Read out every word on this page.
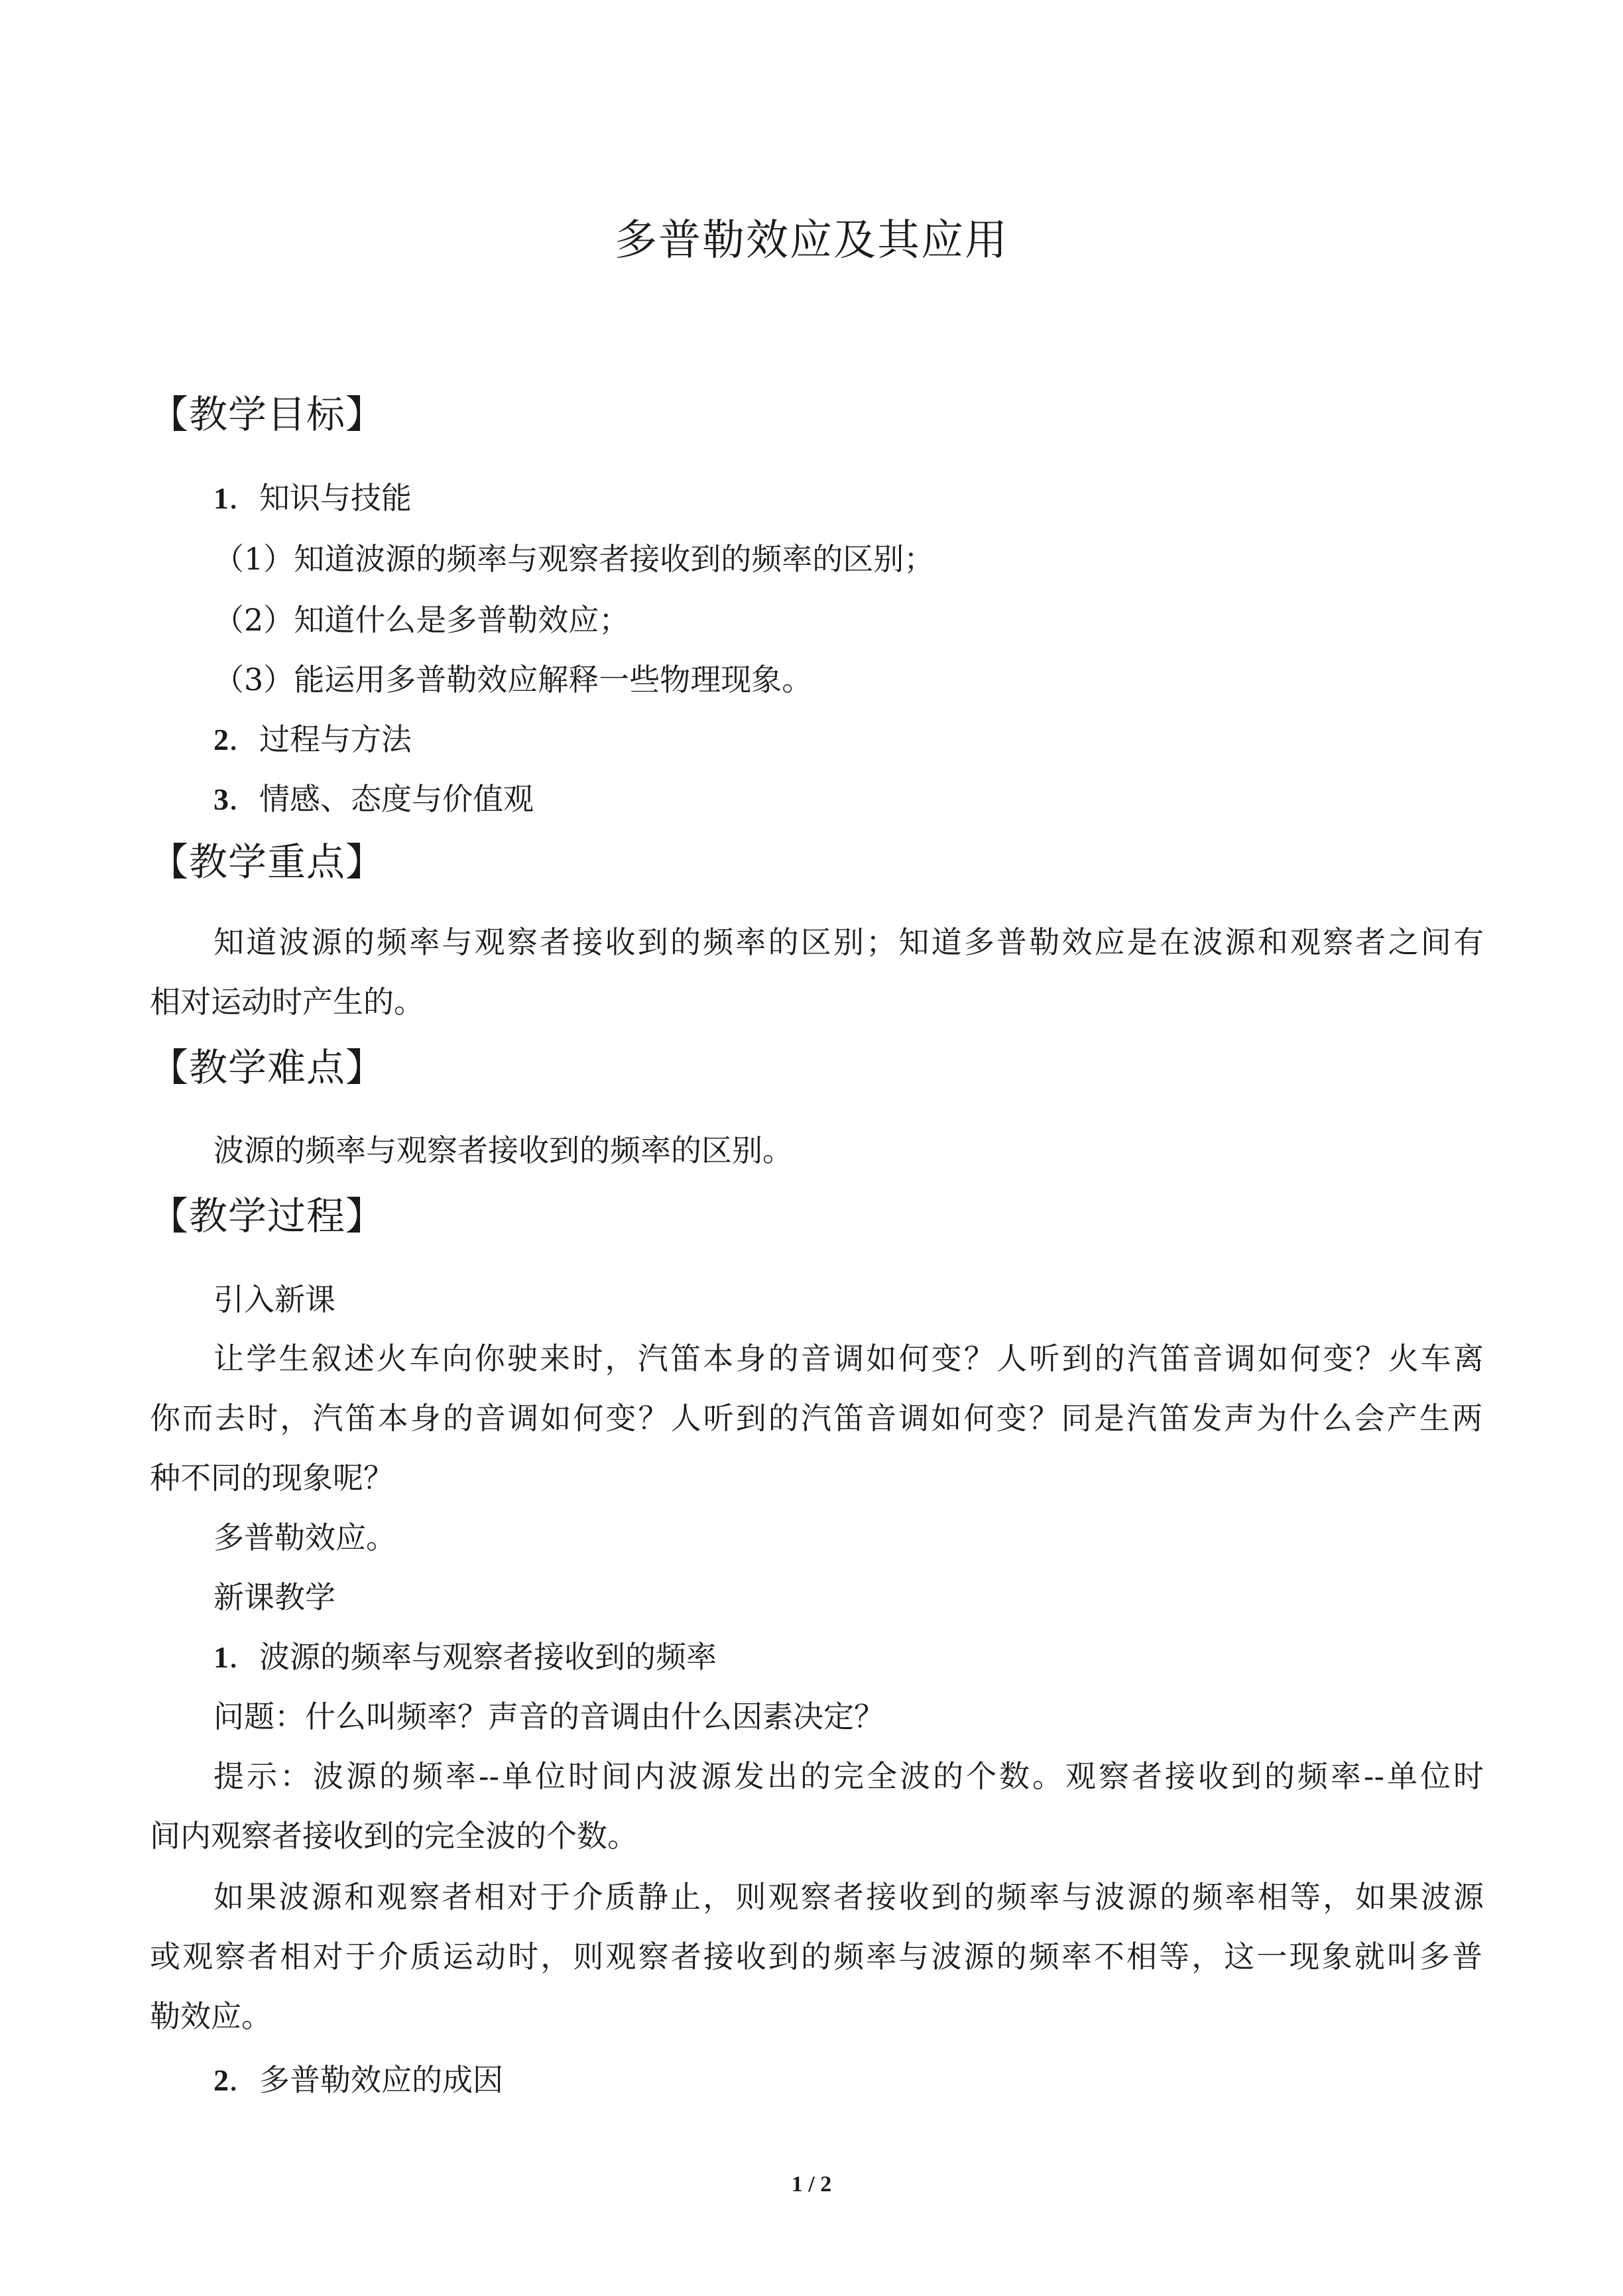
多普勒效应及其应用
【教学目标】
1．知识与技能
（1）知道波源的频率与观察者接收到的频率的区别；
（2）知道什么是多普勒效应；
（3）能运用多普勒效应解释一些物理现象。
2．过程与方法
3．情感、态度与价值观
【教学重点】
知道波源的频率与观察者接收到的频率的区别；知道多普勒效应是在波源和观察者之间有
相对运动时产生的。
【教学难点】
波源的频率与观察者接收到的频率的区别。
【教学过程】
引入新课
让学生叙述火车向你驶来时，汽笛本身的音调如何变？人听到的汽笛音调如何变？火车离
你而去时，汽笛本身的音调如何变？人听到的汽笛音调如何变？同是汽笛发声为什么会产生两
种不同的现象呢？
多普勒效应。
新课教学
1．波源的频率与观察者接收到的频率
问题：什么叫频率？声音的音调由什么因素决定？
提示：波源的频率--单位时间内波源发出的完全波的个数。观察者接收到的频率--单位时
间内观察者接收到的完全波的个数。
如果波源和观察者相对于介质静止，则观察者接收到的频率与波源的频率相等，如果波源
或观察者相对于介质运动时，则观察者接收到的频率与波源的频率不相等，这一现象就叫多普
勒效应。
2．多普勒效应的成因
1 / 2
